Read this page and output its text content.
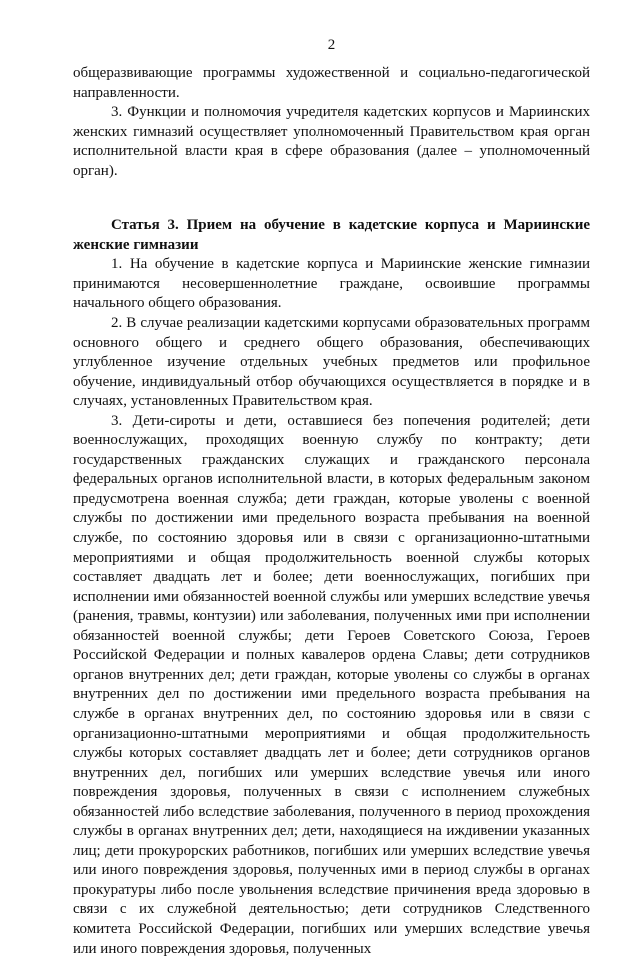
2

общеразвивающие программы художественной и социально-педагогической направленности.

3. Функции и полномочия учредителя кадетских корпусов и Мариинских женских гимназий осуществляет уполномоченный Правительством края орган исполнительной власти края в сфере образования (далее – уполномоченный орган).

Статья 3. Прием на обучение в кадетские корпуса и Мариинские женские гимназии

1. На обучение в кадетские корпуса и Мариинские женские гимназии принимаются несовершеннолетние граждане, освоившие программы начального общего образования.

2. В случае реализации кадетскими корпусами образовательных программ основного общего и среднего общего образования, обеспечивающих углубленное изучение отдельных учебных предметов или профильное обучение, индивидуальный отбор обучающихся осуществляется в порядке и в случаях, установленных Правительством края.

3. Дети-сироты и дети, оставшиеся без попечения родителей; дети военнослужащих, проходящих военную службу по контракту; дети государственных гражданских служащих и гражданского персонала федеральных органов исполнительной власти, в которых федеральным законом предусмотрена военная служба; дети граждан, которые уволены с военной службы по достижении ими предельного возраста пребывания на военной службе, по состоянию здоровья или в связи с организационно-штатными мероприятиями и общая продолжительность военной службы которых составляет двадцать лет и более; дети военнослужащих, погибших при исполнении ими обязанностей военной службы или умерших вследствие увечья (ранения, травмы, контузии) или заболевания, полученных ими при исполнении обязанностей военной службы; дети Героев Советского Союза, Героев Российской Федерации и полных кавалеров ордена Славы; дети сотрудников органов внутренних дел; дети граждан, которые уволены со службы в органах внутренних дел по достижении ими предельного возраста пребывания на службе в органах внутренних дел, по состоянию здоровья или в связи с организационно-штатными мероприятиями и общая продолжительность службы которых составляет двадцать лет и более; дети сотрудников органов внутренних дел, погибших или умерших вследствие увечья или иного повреждения здоровья, полученных в связи с исполнением служебных обязанностей либо вследствие заболевания, полученного в период прохождения службы в органах внутренних дел; дети, находящиеся на иждивении указанных лиц; дети прокурорских работников, погибших или умерших вследствие увечья или иного повреждения здоровья, полученных ими в период службы в органах прокуратуры либо после увольнения вследствие причинения вреда здоровью в связи с их служебной деятельностью; дети сотрудников Следственного комитета Российской Федерации, погибших или умерших вследствие увечья или иного повреждения здоровья, полученных
